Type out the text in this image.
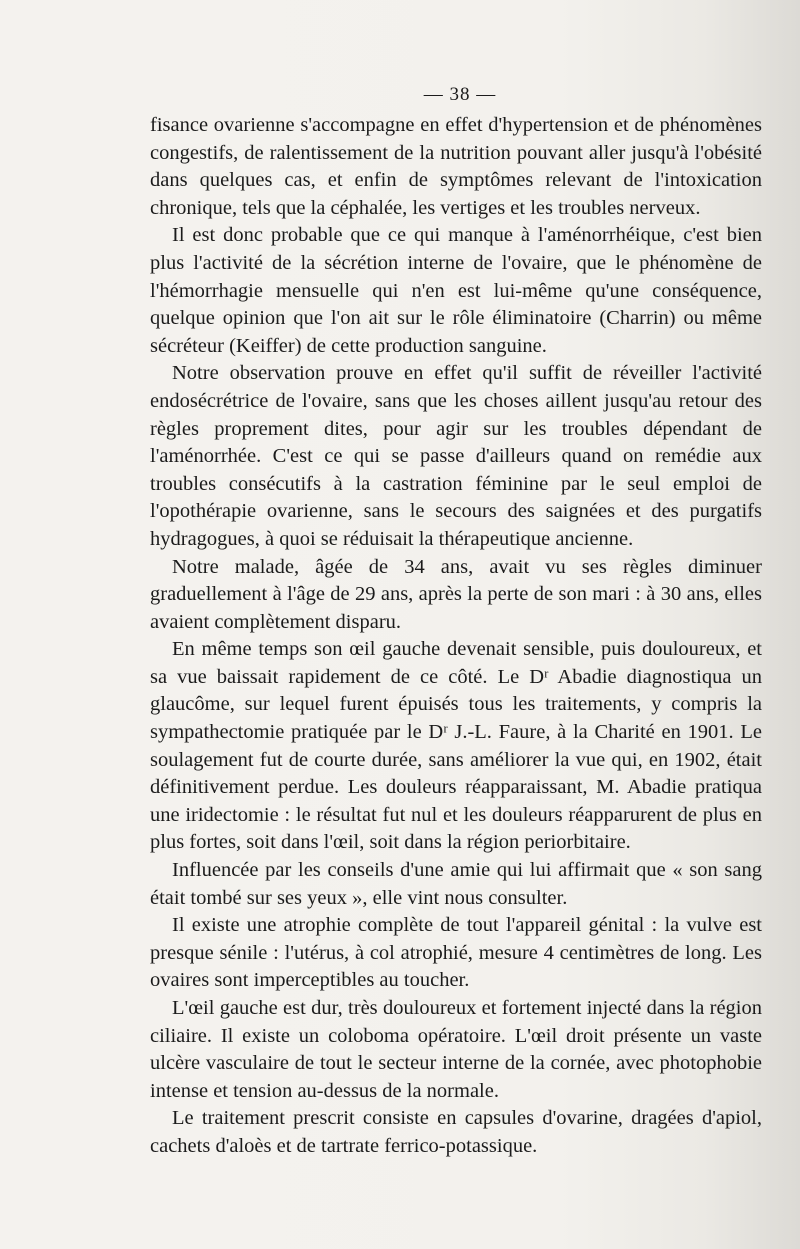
— 38 —

fisance ovarienne s'accompagne en effet d'hypertension et de phénomènes congestifs, de ralentissement de la nutrition pouvant aller jusqu'à l'obésité dans quelques cas, et enfin de symptômes relevant de l'intoxication chronique, tels que la céphalée, les vertiges et les troubles nerveux.

Il est donc probable que ce qui manque à l'aménorrhéique, c'est bien plus l'activité de la sécrétion interne de l'ovaire, que le phénomène de l'hémorrhagie mensuelle qui n'en est lui-même qu'une conséquence, quelque opinion que l'on ait sur le rôle éliminatoire (Charrin) ou même sécréteur (Keiffer) de cette production sanguine.

Notre observation prouve en effet qu'il suffit de réveiller l'activité endosécrétrice de l'ovaire, sans que les choses aillent jusqu'au retour des règles proprement dites, pour agir sur les troubles dépendant de l'aménorrhée. C'est ce qui se passe d'ailleurs quand on remédie aux troubles consécutifs à la castration féminine par le seul emploi de l'opothérapie ovarienne, sans le secours des saignées et des purgatifs hydragogues, à quoi se réduisait la thérapeutique ancienne.

Notre malade, âgée de 34 ans, avait vu ses règles diminuer graduellement à l'âge de 29 ans, après la perte de son mari : à 30 ans, elles avaient complètement disparu.

En même temps son œil gauche devenait sensible, puis douloureux, et sa vue baissait rapidement de ce côté. Le Dʳ Abadie diagnostiqua un glaucôme, sur lequel furent épuisés tous les traitements, y compris la sympathectomie pratiquée par le Dʳ J.-L. Faure, à la Charité en 1901. Le soulagement fut de courte durée, sans améliorer la vue qui, en 1902, était définitivement perdue. Les douleurs réapparaissant, M. Abadie pratiqua une iridectomie : le résultat fut nul et les douleurs réapparurent de plus en plus fortes, soit dans l'œil, soit dans la région periorbitaire.

Influencée par les conseils d'une amie qui lui affirmait que « son sang était tombé sur ses yeux », elle vint nous consulter.

Il existe une atrophie complète de tout l'appareil génital : la vulve est presque sénile : l'utérus, à col atrophié, mesure 4 centimètres de long. Les ovaires sont imperceptibles au toucher.

L'œil gauche est dur, très douloureux et fortement injecté dans la région ciliaire. Il existe un coloboma opératoire. L'œil droit présente un vaste ulcère vasculaire de tout le secteur interne de la cornée, avec photophobie intense et tension au-dessus de la normale.

Le traitement prescrit consiste en capsules d'ovarine, dragées d'apiol, cachets d'aloès et de tartrate ferrico-potassique.
